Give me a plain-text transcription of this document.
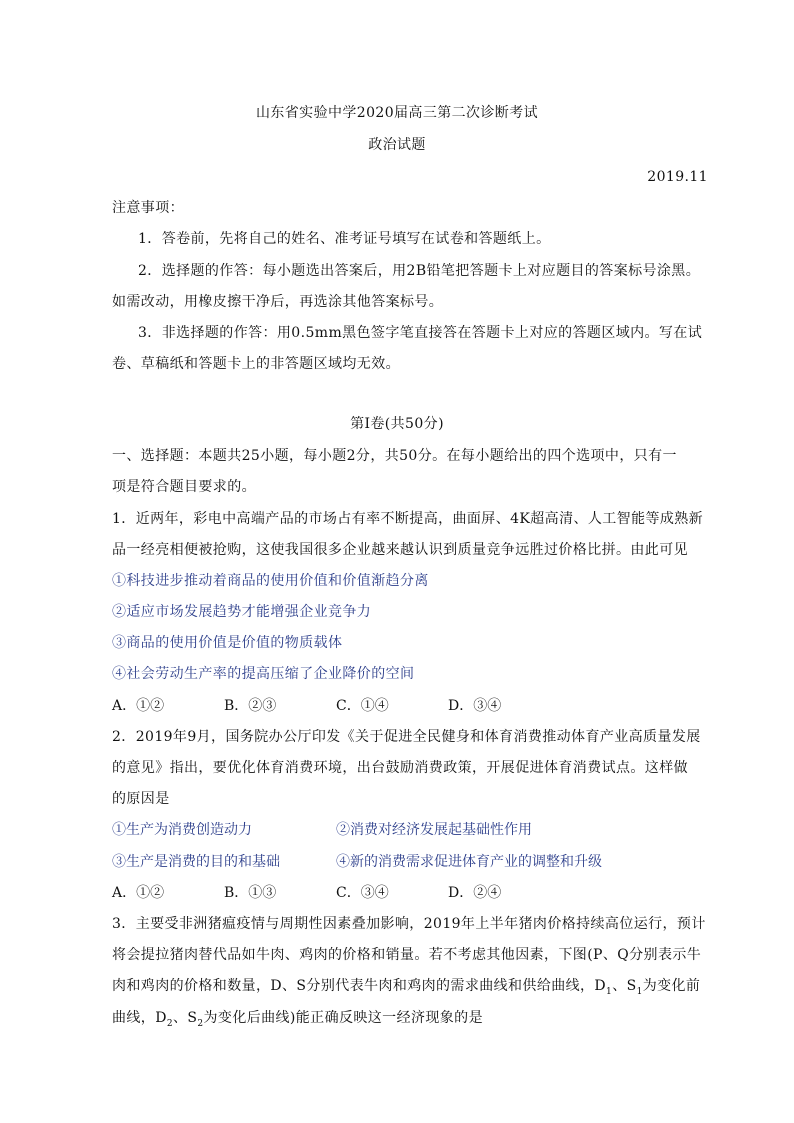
山东省实验中学2020届高三第二次诊断考试
政治试题
2019.11
注意事项：
1．答卷前，先将自己的姓名、准考证号填写在试卷和答题纸上。
2．选择题的作答：每小题选出答案后，用2B铅笔把答题卡上对应题目的答案标号涂黑。
如需改动，用橡皮擦干净后，再选涂其他答案标号。
3．非选择题的作答：用0.5mm黑色签字笔直接答在答题卡上对应的答题区域内。写在试
卷、草稿纸和答题卡上的非答题区域均无效。
第Ⅰ卷(共50分)
一、选择题：本题共25小题，每小题2分，共50分。在每小题给出的四个选项中，只有一
项是符合题目要求的。
1．近两年，彩电中高端产品的市场占有率不断提高，曲面屏、4K超高清、人工智能等成熟新
品一经亮相便被抢购，这使我国很多企业越来越认识到质量竞争远胜过价格比拼。由此可见
①科技进步推动着商品的使用价值和价值渐趋分离
②适应市场发展趋势才能增强企业竞争力
③商品的使用价值是价值的物质载体
④社会劳动生产率的提高压缩了企业降价的空间
A．①②	B．②③	C．①④	D．③④
2．2019年9月，国务院办公厅印发《关于促进全民健身和体育消费推动体育产业高质量发展
的意见》指出，要优化体育消费环境，出台鼓励消费政策，开展促进体育消费试点。这样做
的原因是
①生产为消费创造动力	②消费对经济发展起基础性作用
③生产是消费的目的和基础	④新的消费需求促进体育产业的调整和升级
A．①②	B．①③	C．③④	D．②④
3．主要受非洲猪瘟疫情与周期性因素叠加影响，2019年上半年猪肉价格持续高位运行，预计
将会提拉猪肉替代品如牛肉、鸡肉的价格和销量。若不考虑其他因素，下图(P、Q分别表示牛
肉和鸡肉的价格和数量，D、S分别代表牛肉和鸡肉的需求曲线和供给曲线，$D_1$、$S_1$为变化前
曲线，$D_2$、$S_2$为变化后曲线)能正确反映这一经济现象的是
